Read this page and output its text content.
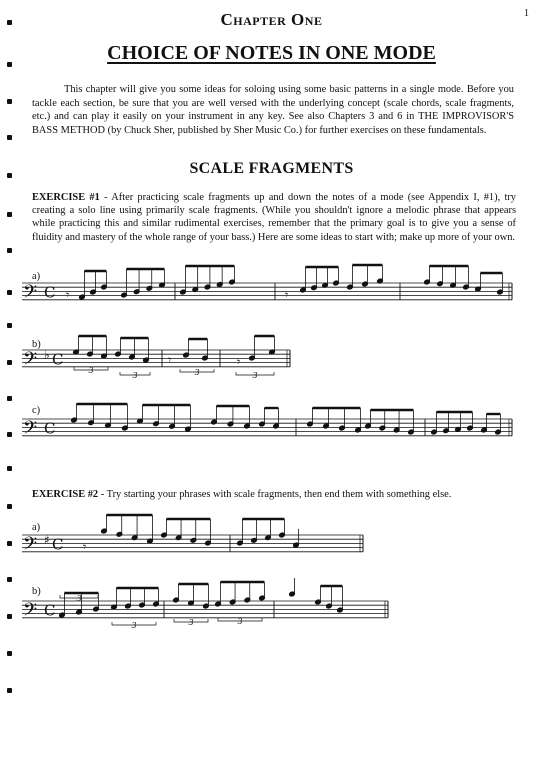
1
Chapter One
CHOICE OF NOTES IN ONE MODE

This chapter will give you some ideas for soloing using some basic patterns in a single mode. Before you tackle each section, be sure that you are well versed with the underlying concept (scale chords, scale fragments, etc.) and can play it easily on your instrument in any key. See also Chapters 3 and 6 in THE IMPROVISOR'S BASS METHOD (by Chuck Sher, published by Sher Music Co.) for further exercises on these fundamentals.

SCALE FRAGMENTS

EXERCISE #1 - After practicing scale fragments up and down the notes of a mode (see Appendix I, #1), try creating a solo line using primarily scale fragments. (While you shouldn't ignore a melodic phrase that appears while practicing this and similar rudimental exercises, remember that the primary goal is to give you a sense of fluidity and mastery of the whole range of your bass.) Here are some ideas to start with; make up more of your own.

EXERCISE #2 - Try starting your phrases with scale fragments, then end them with something else.

a)
b)
c)
a)
b)
𝄢 C 𝄾	𝄾
𝄢 ♭ C	𝄾	𝄾
3
3	3	3
𝄢 C
𝄢 ♯ C 𝄾
𝄢 C
3
3	3	3
